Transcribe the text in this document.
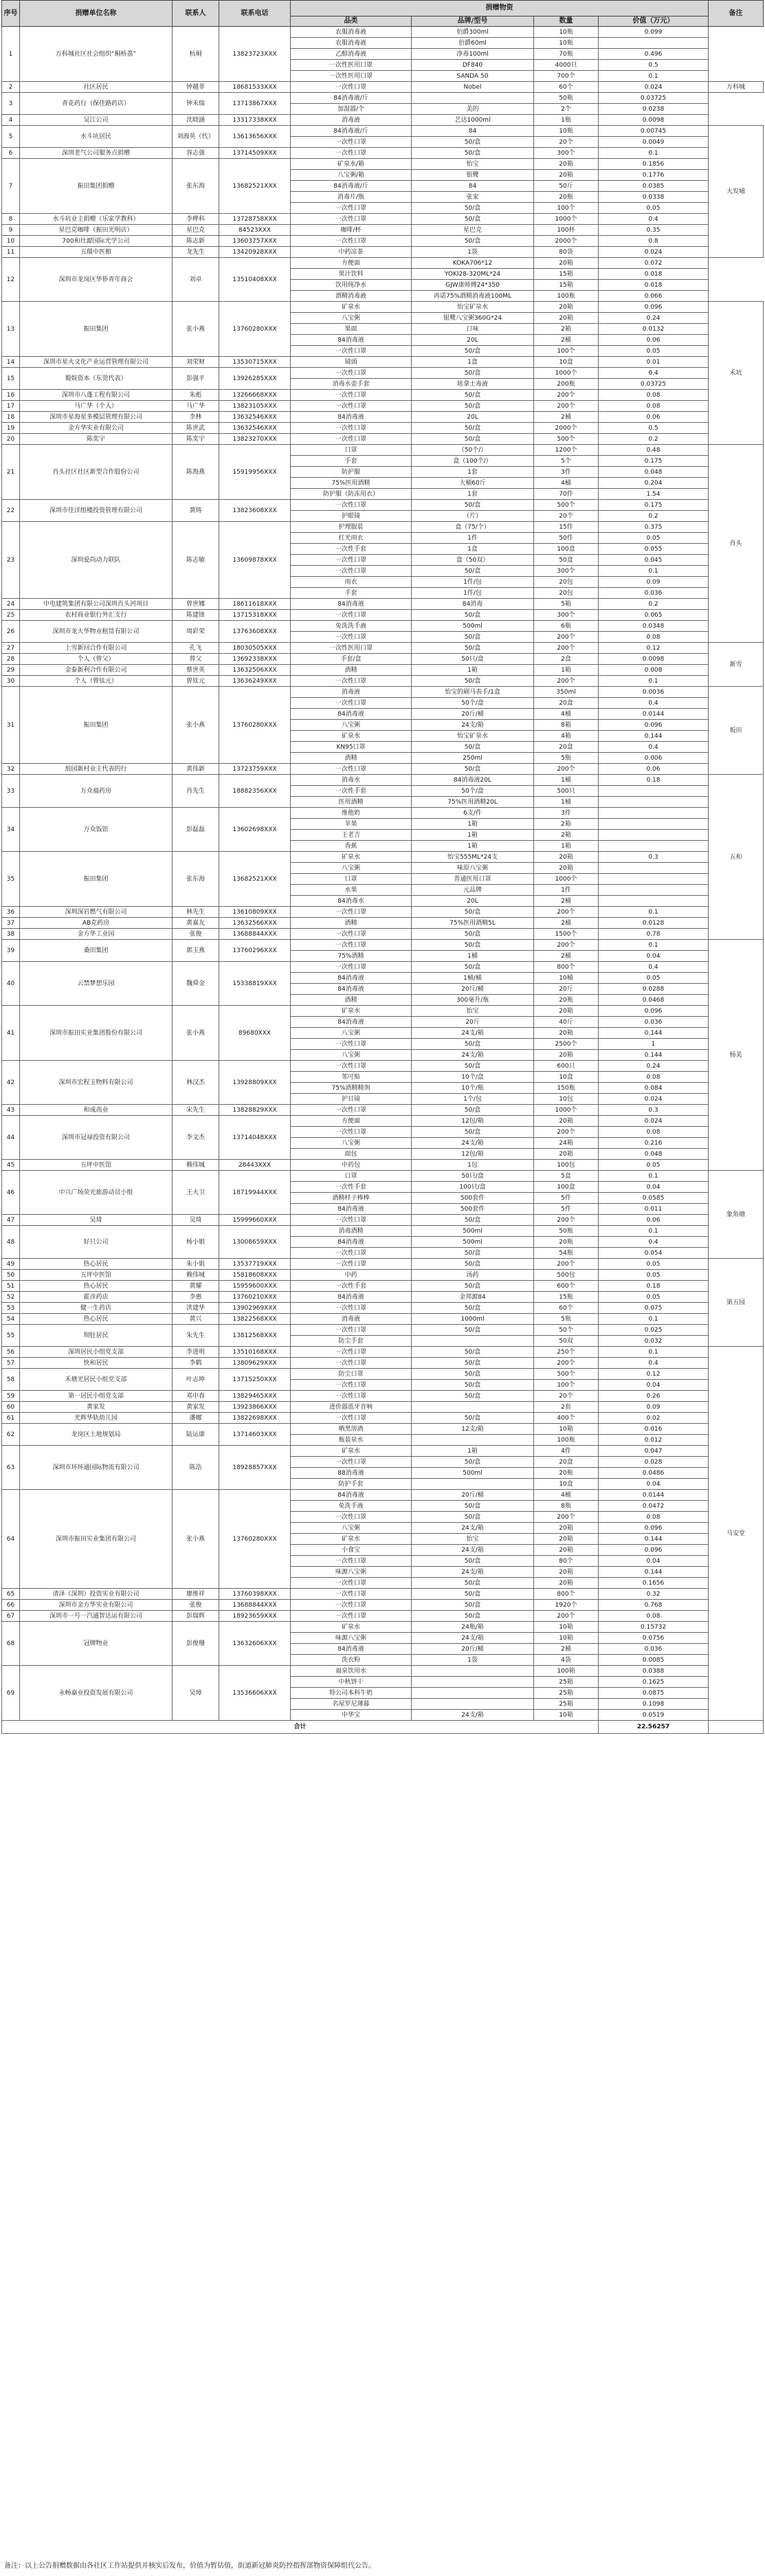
序号	捐赠单位名称	联系人	联系电话	捐赠物资				备注
				品类	品牌/型号	数量	价值（万元）	
1	万科城社区社会组织“桐桥荔”	杭炯	13823723XXX	农服消毒液	伯爵300ml	10瓶	0.099	
				农服消毒液	伯爵60ml	10瓶		
				乙醇消毒液	净毒100ml	70瓶	0.496	
				一次性医用口罩	DF840	4000只	0.5	
				一次性医用口罩	SANDA 50	700个	0.1	
2	社区居民	钟越菲	18681533XXX	一次性口罩	Nobel	60个	0.024	万科城
3	青花药行（保佳路药店）	钟禾瑞	13713867XXX	84消毒液/斤		50瓶	0.03725	
				加湿器/个	美的	2个	0.0238	
4	吴江公司	沈晓涵	13317338XXX	消毒液	艺达1000ml	1瓶	0.0098	
5	水斗坑居民	刘海英（代）	13613656XXX	84消毒液/斤	84	10瓶	0.00745	大发埔
				一次性口罩	50/盒	20个	0.0049	
6	深圳老气公司服务点捐赠	容志强	13714509XXX	一次性口罩	50/盒	300个	0.1	
7	振田集团捐赠	张东海	13682521XXX	矿泉水/箱	怡宝	20箱	0.1856	
				八宝粥/箱	银鹭	20箱	0.1776	
				84消毒液/斤	84	50斤	0.0385	
				消毒片/瓶	张家	20瓶	0.0338	
				一次性口罩	50/盒	100个	0.05	
8	水斗坑业主捐赠（乐家学教科）	李桦科	13728758XXX	一次性口罩	50/盒	1000个	0.4	
9	星巴克咖啡（振田光明店）	星巴克	84523XXX	咖啡/杯	星巴克	100杯	0.35	
10	700和壮源国际光学公司	陈志新	13603757XXX	一次性口罩	50/盒	2000个	0.8	
11	五環中医館	龙先生	13420928XXX	中药凉茶	1袋	80袋	0.024	
12	深圳市龙岗区华侨青年商会	刘卓	13510408XXX	方便面	KOKA706*12	20箱	0.072	
				果汁饮料	YOKI28-320ML*24	15箱	0.018	
				饮用纯净水	GJW康师傅24*350	15箱	0.018	
				酒精消毒液	再诺75%酒精消毒液100ML	100瓶	0.066	
13	振田集团	张小燕	13760280XXX	矿泉水	怡宝矿泉水	20箱	0.096	禾坑
				八宝粥	银鹭八宝粥360G*24	20箱	0.24	
				果面	口味	2箱	0.0132	
				84消毒液	20L	2桶	0.06	
				一次性口罩	50/盒	100个	0.05	
14	深圳市星火文化产业运营管理有限公司	刘荣财	13530715XXX	镜頭	1盒	10盒	0.01	
15	蜀娱资本（东莞代表）	彭强平	13926285XXX	一次性口罩	50/盒	1000个	0.4	
				消毒水壶手套	啥拿士毒液	200瓶	0.03725	
16	深圳市八蓬工程有限公司	朱彪	13266668XXX	一次性口罩	50/盒	200个	0.08	
17	马广华（个人）	马广华	13823105XXX	一次性口罩	50/盒	200个	0.08	
18	深圳市星海星多模层管理有限公司	李林	13632546XXX	84消毒液	20L	2桶	0.06	
19	金方华实业有限公司	陈世武	13632546XXX	一次性口罩	50/盒	2000个	0.5	
20	陈奕宇	陈奕宇	13823270XXX	一次性口罩	50/盒	500个	0.2	
21	肖头社区社区新型合作股份公司	陈海燕	15919956XXX	口罩	（50个/）	1200个	0.48	肖头
				手套	盒（100个/）	5个	0.175	
				防护服	1套	3件	0.048	
				75%医用酒精	大桶60斤	4桶	0.204	
				防护服（防冻用衣）	1套	70件	1.54	
22	深圳市佳洋组楼投资管理有限公司	黄铸	13823608XXX	一次性口罩	50/盒	500个	0.175	
				护眼镜	（片）	20个	0.2	
23	深圳爱尚动力联队	陈志敏	13609878XXX	护理服装	盒（75/个）	15件	0.375	
				红光雨衣	1件	50件	0.05	
				一次性手套	1盒	100盒	0.055	
				一次性口罩	盒（50双）	50盒	0.045	
				一次性口罩	50/盒	300个	0.1	
				雨衣	1件/包	20包	0.09	
				手套	1件/包	20包	0.036	
24	中电建筑集团有限公司深圳肖头河项目	曾世娜	18611618XXX	84消毒液	84消毒	5箱	0.2	
25	农村商业银行外汇支行	陈建锋	13715318XXX	一次性口罩	50/盒	300个	0.065	
26	深圳市龙大华物业租赁有限公司	周彩荣	13763608XXX	免洗洗手液	500ml	6瓶	0.0348	
				一次性口罩	50/盒	200个	0.08	
27	上雪新回合作有限公司	孔飞	18030505XXX	一次性医用口罩	50/盒	200个	0.12	新雪
28	个人（曾父）	曾父	13692338XXX	手套/盒	50只/盒	2盒	0.0098	
29	金泰新利合作有限公司	蔡世英	13632506XXX	酒精	1箱	1箱	0.008	
30	个人（曾钛元）	曾钛元	13636249XXX	一次性口罩	50/盒	200个	0.1	
31	振田集团	张小燕	13760280XXX	消毒液	怡宝的刷马表手/1盒	350ml	0.0036	坂田
				一次性口罩	50个/盒	20盒	0.4	
				84消毒液	20斤/桶	4桶	0.0144	
				八宝粥	24支/箱	8箱	0.096	
				矿泉水	怡宝矿泉水	4箱	0.144	
				KN95口罩	50/盒	20盒	0.4	
				酒精	250ml	5瓶	0.006	
32	琅园新村业主代表的行	黄伟新	13723759XXX	一次性口罩	50/盒	200个	0.06	
33	万众福药房	肖先生	18882356XXX	消毒水	84消毒液20L	1桶	0.18	五和
				一次性手套	50个/盒	500只		
				医用酒精	75%医用酒精20L	1桶		
34	万众饭馆	彭磊磊	13602698XXX	维他奶	6支/件	3件		
				苹果	1箱	2箱		
				王老吉	1箱	2箱		
				香蕉	1箱	1箱		
35	振田集团	张东海	13682521XXX	矿泉水	怡宝555ML*24支	20箱	0.3	
				八宝粥	味原八宝粥	20箱		
				口罩	普通医用口罩	1000个		
				水果	元品牌	1件		
				84消毒水	20L	2桶		
36	深圳深岩燃气有限公司	林先生	13610809XXX	一次性口罩	50/盒	200个	0.1	
37	AB克药房	黄嘉友	13632566XXX	酒精	75%医用酒精5L	2桶	0.0128	
38	金方华工业园	张俊	13688844XXX	一次性口罩	50/盒	1500个	0.78	
39	桑田集团	郭玉燕	13760296XXX	一次性口罩	50/盒	200个	0.1	杨美
				75%酒精	1桶	2桶	0.04	
40	云禁梦想乐园	魏舜金	15338819XXX	一次性口罩	50/盒	800个	0.4	
				84消毒液	1桶/桶	10桶	0.05	
				84消毒液	20斤/桶	20斤	0.0288	
				酒精	300毫升/瓶	20瓶	0.0468	
41	深圳市振田实业集团股份有限公司	张小燕	89680XXX	矿泉水	怡宝	20箱	0.096	
				84消毒液	20斤	40斤	0.036	
				八宝粥	24支/箱	20箱	0.144	
				一次性口罩	50/盒	2500个	1	
				八宝粥	24支/箱	20箱	0.144	
42	深圳市宏程玉物料有限公司	林汉杰	13928809XXX	一次性口罩	50/盒	600只	0.24	
				邻可贴	10个/盒	10盒	0.08	
				75%酒精精剂	10个/瓶	150瓶	0.084	
				护目镜	1个/包	10包	0.024	
43	和成高业	宋先生	13828829XXX	一次性口罩	50/盒	1000个	0.3	
44	深圳市冠禄投资有限公司	李文杰	13714048XXX	方便面	12包/箱	20箱	0.024	
				一次性口罩	50/盒	200个	0.08	
				八宝粥	24支/箱	24箱	0.216	
				面包	12包/箱	20箱	0.048	
45	五坪中医馆	赖伟城	28443XXX	中药包	1包	100包	0.05	
46	中兴广场荧光旅游动员小组	王大卫	18719944XXX	口罩	50只/盒	5盒	0.1	象角塘
				一次性手套	100只/盒	100盒	0.04	
				酒精样子棒棒	500套件	5件	0.0585	
				84消毒液	500套件	5件	0.011	
47	吴琦	吴琦	15999660XXX	一次性口罩	50/盒	200个	0.06	
48	好只公司	杨小姐	13008659XXX	消毒酒精	500ml	50瓶	0.1	
				84消毒液	500ml	20瓶	0.4	
				一次性口罩	50/盒	54瓶	0.054	
49	热心居民	朱小姐	13537719XXX	一次性口罩	50/盒	200个	0.05	第五园
50	五坪中医馆	赖伟城	15818608XXX	中药	汤药	500包	0.05	
51	热心居民	黄耀	15959600XXX	一次性手套	50/盒	600个	0.18	
52	霍彦药店	李惠	13760210XXX	84消毒液	金邦源84	15瓶	0.05	
53	健一生药店	洪建华	13902969XXX	一次性口罩	50/盒	60个	0.075	
54	热心居民	黄兴	13822568XXX	消毒液	1000ml	5瓶	0.1	
55	坝肚居民	朱先生	13812568XXX	一次性口罩	50/盒	50个	0.025	
				防尘手套		50双	0.032	
56	深圳居民小组党支部	李进明	13510168XXX	一次性口罩	50/盒	250个	0.1	马安堂
57	快和居民	李鹤	13809629XXX	一次性口罩	50/盒	200个	0.4	
58	禾塘光居民小组党支部	叶志坤	13715250XXX	防尘口罩	50/盒	500个	0.12	
				一次性口罩	50/盒	100个	0.04	
59	第一居民小组党支部	邓中春	13829465XXX	一次性口罩	50/盒	20个	0.26	
60	黄家发	黄家发	13923866XXX	进价器蓝牙音响		2套	0.09	
61	光辉华轨幼儿园	潘娜	13822698XXX	一次性口罩	50/盒	400个	0.02	
62	龙岗区土地规划局	陆运康	13714603XXX	晒黑溶酒	12支/箱	10箱	0.016	
				瓶装泉水		100瓶	0.012	
63	深圳市环环通国际物流有限公司	陈浩	18928857XXX	矿泉水	1箱	4件	0.047	
				一次性口罩	50/盒	20盒	0.028	
				88消毒液	500ml	20瓶	0.0486	
				防护手套		10盒	0.04	
64	深圳市振田实业集团有限公司	张小燕	13760280XXX	84消毒液	20斤/桶	4桶	0.0144	
				免洗手液	50/盒	8瓶	0.0472	
				一次性口罩	50/盒	200个	0.08	
				八宝粥	24支/箱	20箱	0.096	
				矿泉水	怡宝	20箱	0.144	
				小食宝	24支/箱	20箱	0.096	
				一次性口罩	50/盒	80个	0.04	
				味源八宝粥	24支/箱	20箱	0.144	
				一次性口罩	50/盒	20箱	0.1656	
65	清泽（深圳）投资实业有限公司	廖维祥	13760398XXX	一次性口罩	50/盒	800个	0.32	
66	深圳市金方华实业有限公司	张俊	13688844XXX	一次性口罩	50/盒	1920个	0.768	
67	深圳市一号一汽通智达运有限公司	彭瑞辉	18923659XXX	一次性口罩	50/盒	200个	0.08	
68	冠牌物业	彭俊珊	13632606XXX	矿泉水	24瓶/箱	10箱	0.15732	
				味源八宝粥	24支/箱	10箱	0.0756	
				84消毒液	20斤/桶	2桶	0.036	
				洗衣粉	1袋	4袋	0.0085	
69	永畅嘉业投资发展有限公司	吴璋	13536606XXX	福泉饮用水		100箱	0.0388	
				中秋饼干		25箱	0.1625	
				特公司本科牛奶		25箱	0.0875	
				名屋罗尼薄暮		25箱	0.1098	
				中华宝	24支/箱	10箱	0.0519	
合计							22.56257	
备注：以上公告捐赠数据由各社区工作站提供并核实后发布，价值为暂估值，街道新冠肺炎防控指挥部物资保障组代公告。
